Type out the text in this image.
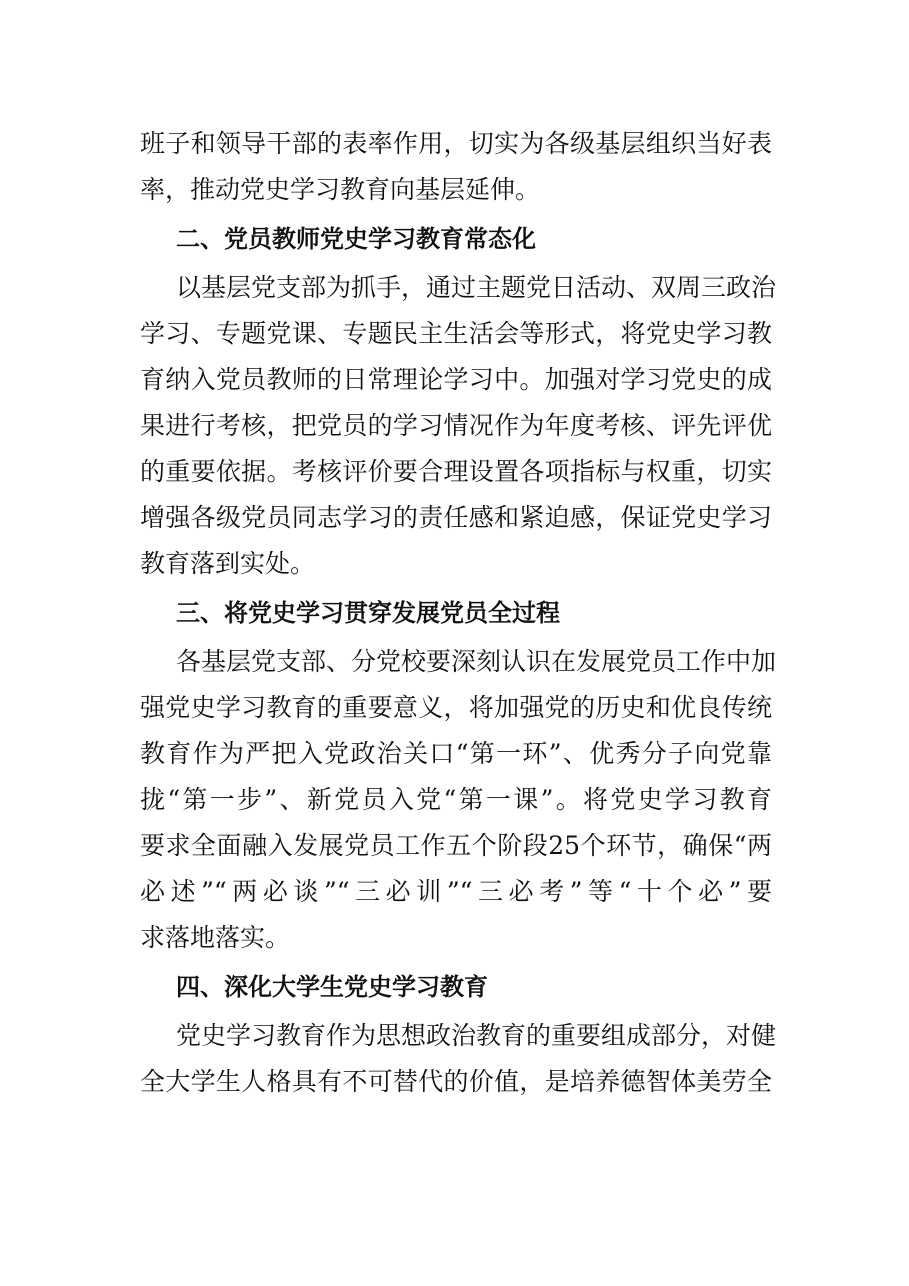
班子和领导干部的表率作用，切实为各级基层组织当好表
率，推动党史学习教育向基层延伸。
二、党员教师党史学习教育常态化
以基层党支部为抓手，通过主题党日活动、双周三政治
学习、专题党课、专题民主生活会等形式，将党史学习教
育纳入党员教师的日常理论学习中。加强对学习党史的成
果进行考核，把党员的学习情况作为年度考核、评先评优
的重要依据。考核评价要合理设置各项指标与权重，切实
增强各级党员同志学习的责任感和紧迫感，保证党史学习
教育落到实处。
三、将党史学习贯穿发展党员全过程
各基层党支部、分党校要深刻认识在发展党员工作中加
强党史学习教育的重要意义，将加强党的历史和优良传统
教育作为严把入党政治关口“第一环”、优秀分子向党靠
拢“第一步”、新党员入党“第一课”。将党史学习教育
要求全面融入发展党员工作五个阶段25个环节，确保“两
必述”“两必谈”“三必训”“三必考”等“十个必”要
求落地落实。
四、深化大学生党史学习教育
党史学习教育作为思想政治教育的重要组成部分，对健
全大学生人格具有不可替代的价值，是培养德智体美劳全
